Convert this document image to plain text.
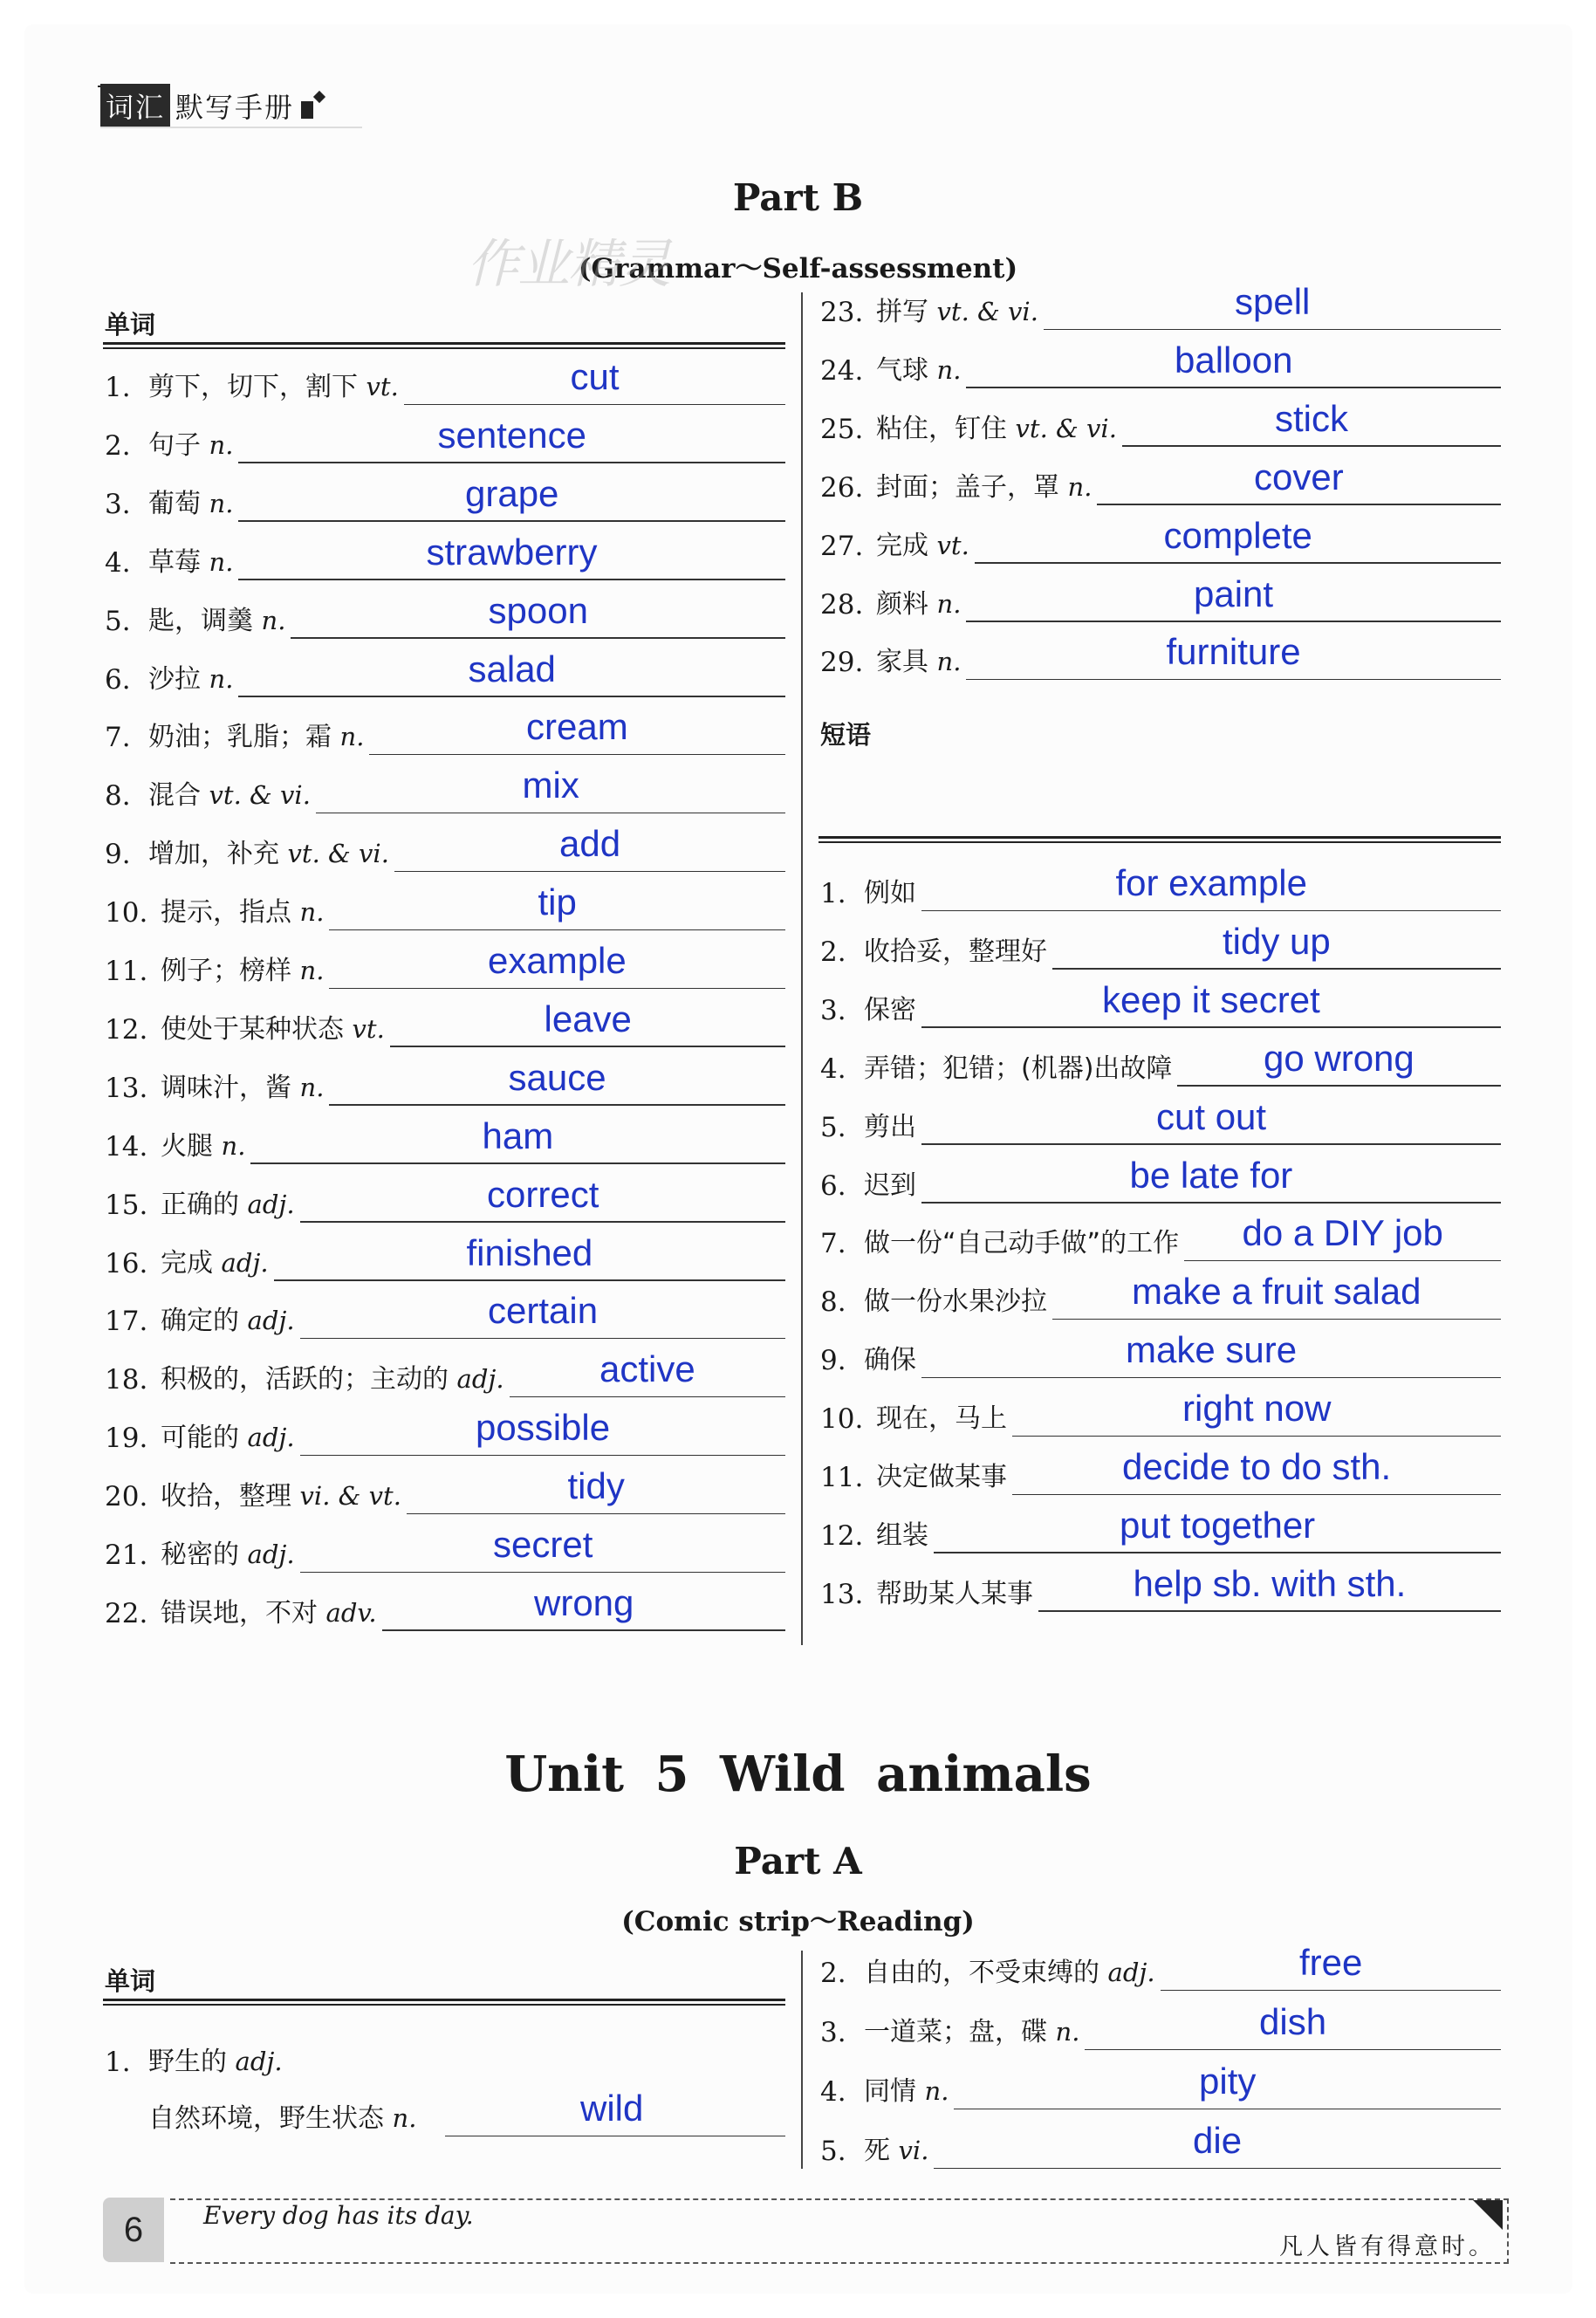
词汇 默写手册
Part B
(Grammar～Self-assessment)
作业精灵
单词
1. 剪下，切下，割下 vt.	cut
2. 句子 n.	sentence
3. 葡萄 n.	grape
4. 草莓 n.	strawberry
5. 匙，调羹 n.	spoon
6. 沙拉 n.	salad
7. 奶油；乳脂；霜 n.	cream
8. 混合 vt. & vi.	mix
9. 增加，补充 vt. & vi.	add
10. 提示，指点 n.	tip
11. 例子；榜样 n.	example
12. 使处于某种状态 vt.	leave
13. 调味汁，酱 n.	sauce
14. 火腿 n.	ham
15. 正确的 adj.	correct
16. 完成 adj.	finished
17. 确定的 adj.	certain
18. 积极的，活跃的；主动的 adj.	active
19. 可能的 adj.	possible
20. 收拾，整理 vi. & vt.	tidy
21. 秘密的 adj.	secret
22. 错误地，不对 adv.	wrong
23. 拼写 vt. & vi.	spell
24. 气球 n.	balloon
25. 粘住，钉住 vt. & vi.	stick
26. 封面；盖子，罩 n.	cover
27. 完成 vt.	complete
28. 颜料 n.	paint
29. 家具 n.	furniture
短语
1. 例如	for example
2. 收拾妥，整理好	tidy up
3. 保密	keep it secret
4. 弄错；犯错；(机器)出故障 go wrong
5. 剪出	cut out
6. 迟到	be late for
7. 做一份“自己动手做”的工作 do a DIY job
8. 做一份水果沙拉 make a fruit salad
9. 确保	make sure
10. 现在，马上	right now
11. 决定做某事	decide to do sth.
12. 组装	put together
13. 帮助某人某事	help sb. with sth.
Unit 5 Wild animals
Part A
(Comic strip～Reading)
单词
1. 野生的 adj.
自然环境，野生状态 n.	wild
2. 自由的，不受束缚的 adj.	free
3. 一道菜；盘，碟 n.	dish
4. 同情 n.	pity
5. 死 vi.	die
6	Every dog has its day.
凡人皆有得意时。
